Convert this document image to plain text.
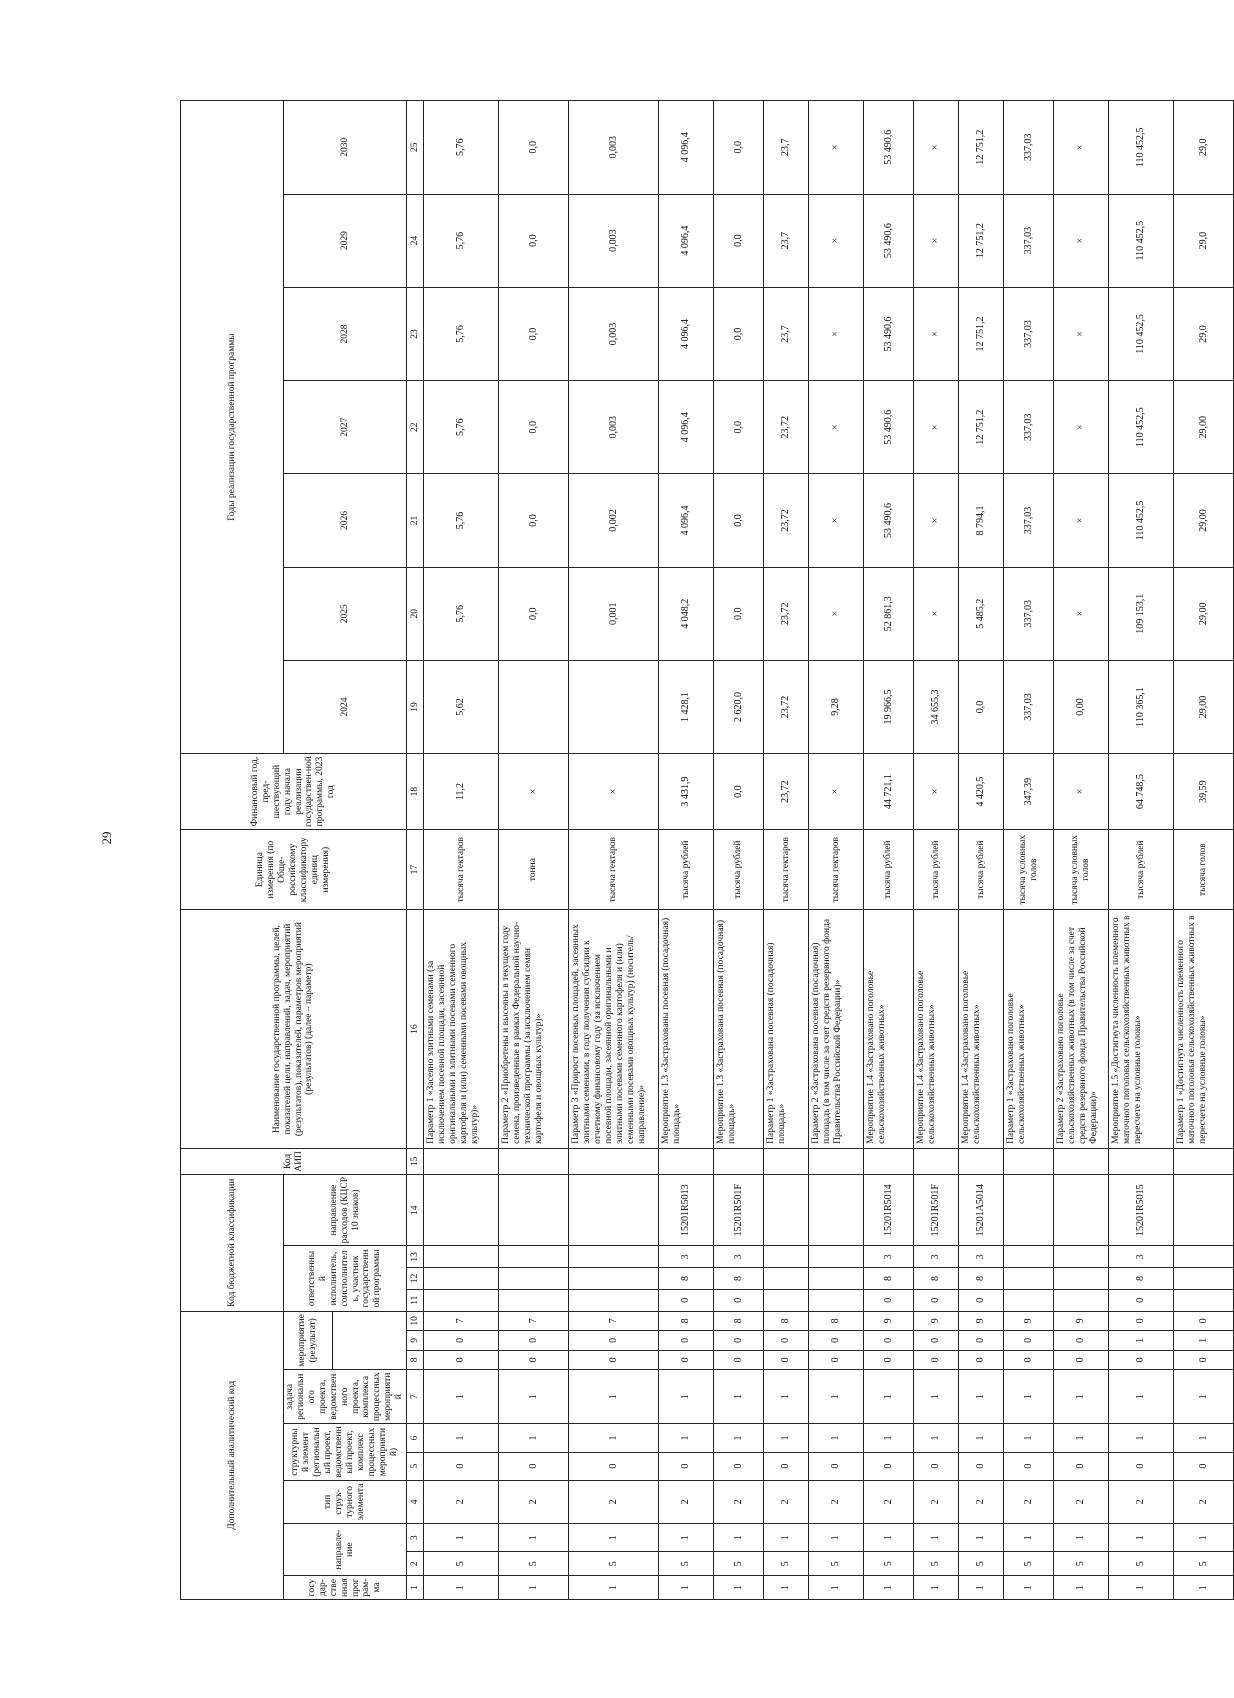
29
Дополнительный аналитический код										Код бюджетной классификации				Код АИП	Наименование государственной программы, целей, показателей цели, направлений, задач, мероприятий (результатов), показателей, параметров мероприятий (результатов) (далее – параметр)	Единица измерения (по Обще-российскому классификатору единиц измерения)	Финансовый год, пред-шествующий году начала реализации государствен-ной программы, 2023 год	Годы реализации государственной программы						
государ-ственная програм-ма	направле-ние		тип струк-турного элемента	структурный элемент (региональный проект, ведомственный проект, комплекс процессных мероприятий)		задача регионального проекта, ведомственного проекта, комплекса процессных мероприятий	мероприятие (результат)			ответственный исполнитель, соисполнитель, участник государственной программы			направление расходов (КЦСР 10 знаков)					2024	2025	2026	2027	2028	2029	2030

1	2	3	4	5	6	7	8	9	10	11	12	13	14	15	16	17	18	19	20	21	22	23	24	25
1	5	1	2	0	1	1	0	0	7						Параметр 1 «Засеяно элитными семенами (за исключением посевной площади, засеянной оригинальными и элитными посевами семенного картофеля и (или) семенными посевами овощных культур)»	тысяча гектаров	11,2	5,62	5,76	5,76	5,76	5,76	5,76	5,76
1	5	1	2	0	1	1	0	0	7						Параметр 2 «Приобретены и высеяны в текущем году семена, произведенные в рамках Федеральной научно-технической программы (за исключением семян картофеля и овощных культур)»	тонна	×		0,0	0,0	0,0	0,0	0,0	0,0
1	5	1	2	0	1	1	0	0	7						Параметр 3 «Прирост посевных площадей, засеянных элитными семенами, в году получения субсидии к отчетному финансовому году (за исключением посевной площади, засеянной оригинальными и элитными посевами семенного картофеля и (или) семенными посевами овощных культур) (носитель/направление)»	тысяча гектаров	×		0,001	0,002	0,003	0,003	0,003	0,003
1	5	1	2	0	1	1	0	0	8	0	8	3	15201R5013		Мероприятие 1.3 «Застрахованы посевная (посадочная) площадь»	тысяча рублей	3 431,9	1 428,1	4 048,2	4 096,4	4 096,4	4 096,4	4 096,4	4 096,4
1	5	1	2	0	1	1	0	0	8	0	8	3	15201R501F		Мероприятие 1.3 «Застрахована посевная (посадочная) площадь»	тысяча рублей	0,0	2 620,0	0,0	0,0	0,0	0,0	0,0	0,0
1	5	1	2	0	1	1	0	0	8						Параметр 1 «Застрахована посевная (посадочная) площадь»	тысяча гектаров	23,72	23,72	23,72	23,72	23,72	23,7	23,7	23,7
1	5	1	2	0	1	1	0	0	8						Параметр 2 «Застрахована посевная (посадочная) площадь (в том числе за счет средств резервного фонда Правительства Российской Федерации)»	тысяча гектаров	×	9,28	×	×	×	×	×	×
1	5	1	2	0	1	1	0	0	9	0	8	3	15201R5014		Мероприятие 1.4 «Застраховано поголовье сельскохозяйственных животных»	тысяча рублей	44 721,1	19 966,5	52 861,3	53 490,6	53 490,6	53 490,6	53 490,6	53 490,6
1	5	1	2	0	1	1	0	0	9	0	8	3	15201R501F		Мероприятие 1.4 «Застраховано поголовье сельскохозяйственных животных»	тысяча рублей	×	34 655,3	×	×	×	×	×	×
1	5	1	2	0	1	1	0	0	9	0	8	3	15201A5014		Мероприятие 1.4 «Застраховано поголовье сельскохозяйственных животных»	тысяча рублей	4 420,5	0,0	5 485,2	8 794,1	12 751,2	12 751,2	12 751,2	12 751,2
1	5	1	2	0	1	1	0	0	9						Параметр 1 «Застраховано поголовье сельскохозяйственных животных»	тысяча условных голов	347,39	337,03	337,03	337,03	337,03	337,03	337,03	337,03
1	5	1	2	0	1	1	0	0	9						Параметр 2 «Застраховано поголовье сельскохозяйственных животных (в том числе за счет средств резервного фонда Правительства Российской Федерации)»	тысяча условных голов	×	0,00	×	×	×	×	×	×
1	5	1	2	0	1	1	0	1	0	0	8	3	15201R5015		Мероприятие 1.5 «Достигнута численность племенного маточного поголовья сельскохозяйственных животных в пересчете на условные головы»	тысяча рублей	64 748,5	110 365,1	109 153,1	110 452,5	110 452,5	110 452,5	110 452,5	110 452,5
1	5	1	2	0	1	1	0	1	0						Параметр 1 «Достигнута численность племенного маточного поголовья сельскохозяйственных животных в пересчете на условные головы»	тысяча голов	39,59	29,00	29,00	29,00	29,00	29,0	29,0	29,0
